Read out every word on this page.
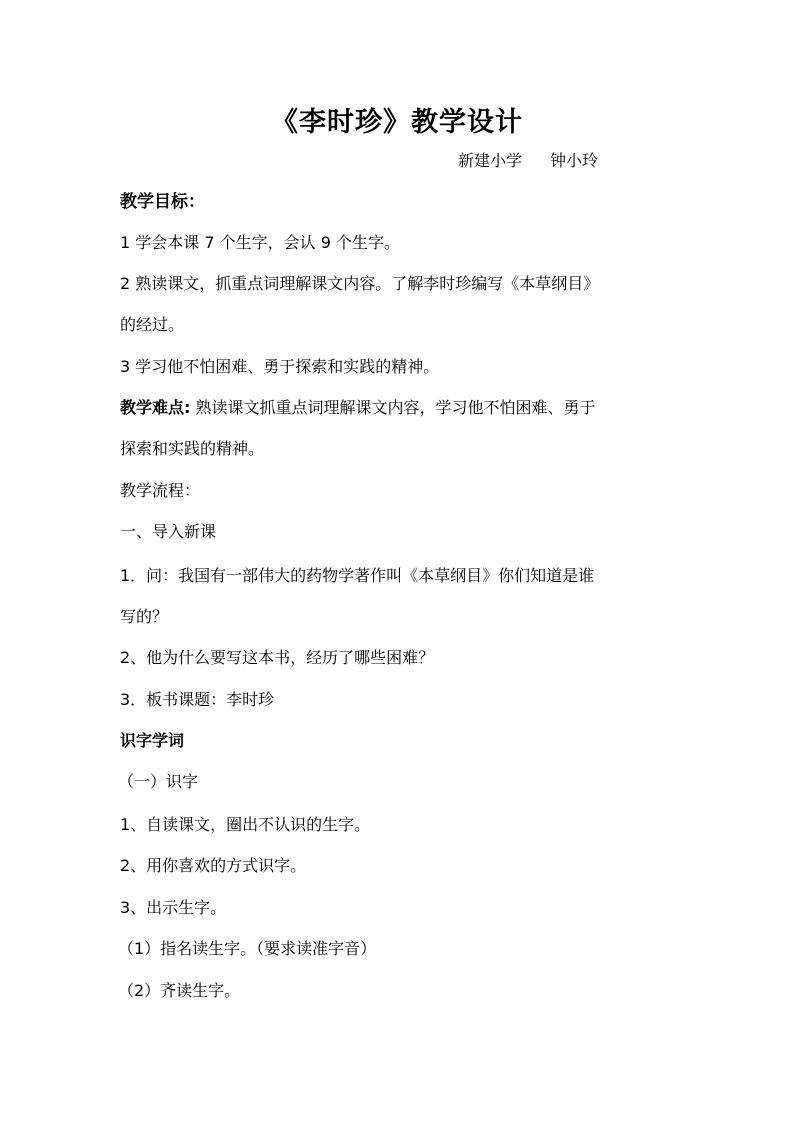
《李时珍》教学设计
新建小学 钟小玲
教学目标：
1 学会本课 7 个生字，会认 9 个生字。
2 熟读课文，抓重点词理解课文内容。了解李时珍编写《本草纲目》
的经过。
3 学习他不怕困难、勇于探索和实践的精神。
教学难点: 熟读课文抓重点词理解课文内容，学习他不怕困难、勇于
探索和实践的精神。
教学流程：
一、导入新课
1．问：我国有一部伟大的药物学著作叫《本草纲目》你们知道是谁
写的？
2、他为什么要写这本书，经历了哪些困难？
3．板书课题：李时珍
识字学词
（一）识字
1、自读课文，圈出不认识的生字。
2、用你喜欢的方式识字。
3、出示生字。
（1）指名读生字。（要求读准字音）
（2）齐读生字。
